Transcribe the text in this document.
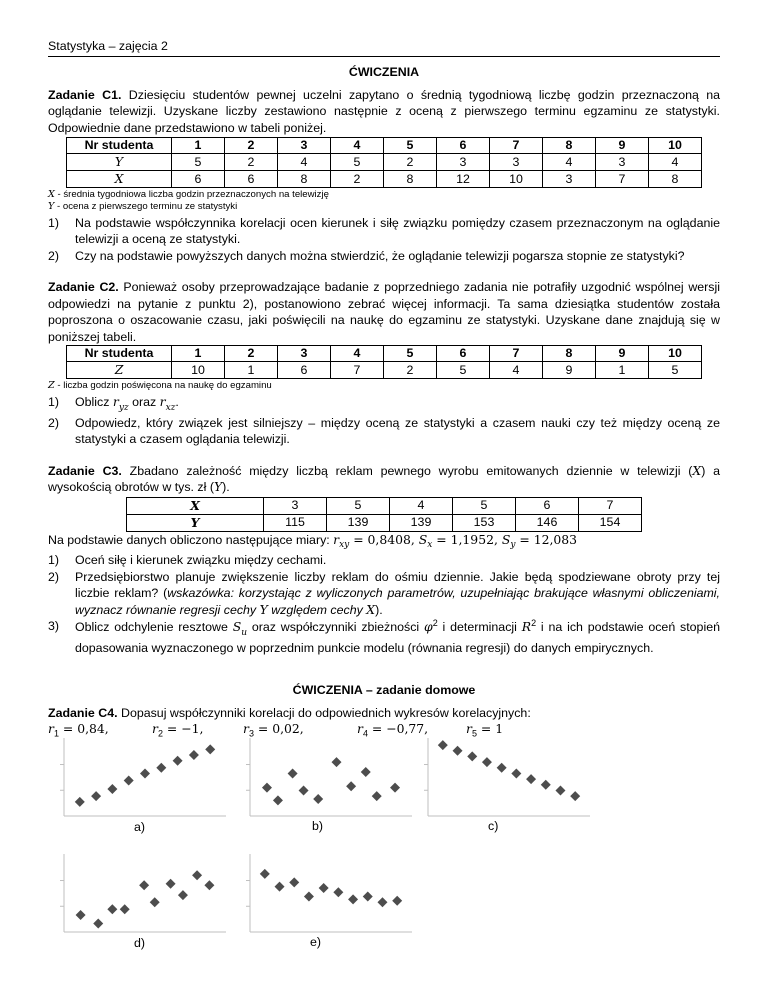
Statystyka – zajęcia 2

ĆWICZENIA

Zadanie C1. Dziesięciu studentów pewnej uczelni zapytano o średnią tygodniową liczbę godzin przeznaczoną na oglądanie telewizji. Uzyskane liczby zestawiono następnie z oceną z pierwszego terminu egzaminu ze statystyki. Odpowiednie dane przedstawiono w tabeli poniżej.

Nr studenta	1	2	3	4	5	6	7	8	9	10
Y	5	2	4	5	2	3	3	4	3	4
X	6	6	8	2	8	12	10	3	7	8

X - średnia tygodniowa liczba godzin przeznaczonych na telewizję

Y - ocena z pierwszego terminu ze statystyki

1) Na podstawie współczynnika korelacji ocen kierunek i siłę związku pomiędzy czasem przeznaczonym na oglądanie telewizji a oceną ze statystyki.
2) Czy na podstawie powyższych danych można stwierdzić, że oglądanie telewizji pogarsza stopnie ze statystyki?

Zadanie C2. Ponieważ osoby przeprowadzające badanie z poprzedniego zadania nie potrafiły uzgodnić wspólnej wersji odpowiedzi na pytanie z punktu 2), postanowiono zebrać więcej informacji. Ta sama dziesiątka studentów została poproszona o oszacowanie czasu, jaki poświęcili na naukę do egzaminu ze statystyki. Uzyskane dane znajdują się w poniższej tabeli.

Nr studenta	1	2	3	4	5	6	7	8	9	10
Z	10	1	6	7	2	5	4	9	1	5

Z - liczba godzin poświęcona na naukę do egzaminu

1) Oblicz $r_{yz}$ oraz $r_{xz}$.
2) Odpowiedz, który związek jest silniejszy – między oceną ze statystyki a czasem nauki czy też między oceną ze statystyki a czasem oglądania telewizji.

Zadanie C3. Zbadano zależność między liczbą reklam pewnego wyrobu emitowanych dziennie w telewizji (X) a wysokością obrotów w tys. zł (Y).

X	3	5	4	5	6	7
Y	115	139	139	153	146	154

Na podstawie danych obliczono następujące miary: $r_{xy} = 0,8408$, $S_x = 1,1952$, $S_y = 12,083$

1) Oceń siłę i kierunek związku między cechami.
2) Przedsiębiorstwo planuje zwiększenie liczby reklam do ośmiu dziennie. Jakie będą spodziewane obroty przy tej liczbie reklam? (wskazówka: korzystając z wyliczonych parametrów, uzupełniając brakujące własnymi obliczeniami, wyznacz równanie regresji cechy Y względem cechy X).
3) Oblicz odchylenie resztowe $S_u$ oraz współczynniki zbieżności $\varphi^2$ i determinacji $R^2$ i na ich podstawie oceń stopień dopasowania wyznaczonego w poprzednim punkcie modelu (równania regresji) do danych empirycznych.

ĆWICZENIA – zadanie domowe

Zadanie C4. Dopasuj współczynniki korelacji do odpowiednich wykresów korelacyjnych:

$r_1 = 0,84$,	$r_2 = -1$,	$r_3 = 0,02$,	$r_4 = -0,77$,	$r_5 = 1$
a)	b)	c)
d)	e)
